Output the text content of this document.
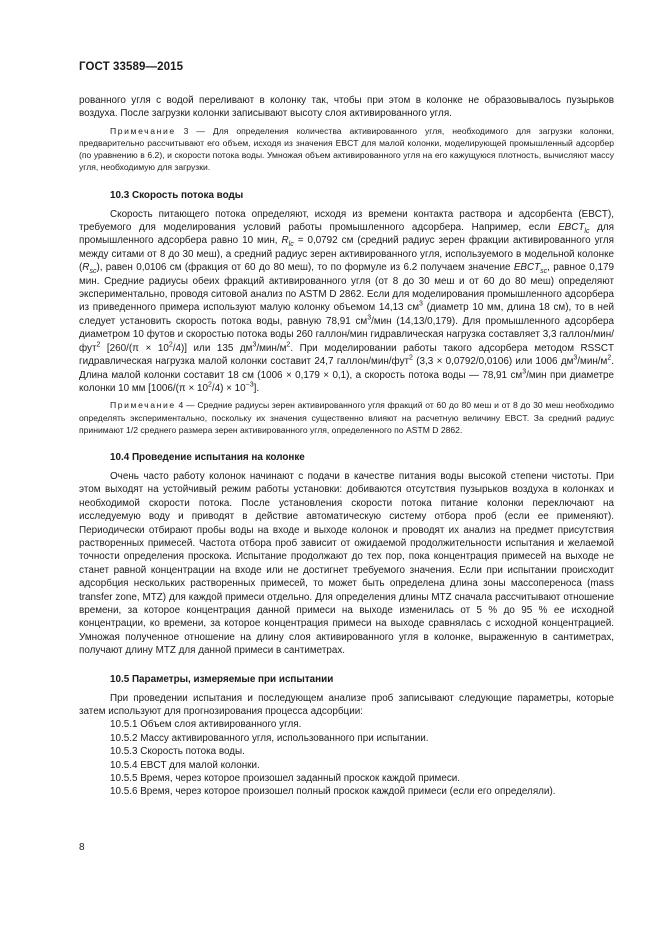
ГОСТ 33589—2015

рованного угля с водой переливают в колонку так, чтобы при этом в колонке не образовывалось пузырьков воздуха. После загрузки колонки записывают высоту слоя активированного угля.

Примечание 3 — Для определения количества активированного угля, необходимого для загрузки колонки, предварительно рассчитывают его объем, исходя из значения EBCT для малой колонки, моделирующей промышленный адсорбер (по уравнению в 6.2), и скорости потока воды. Умножая объем активированного угля на его кажущуюся плотность, вычисляют массу угля, необходимую для загрузки.

10.3 Скорость потока воды

Скорость питающего потока определяют, исходя из времени контакта раствора и адсорбента (EBCT), требуемого для моделирования условий работы промышленного адсорбера. Например, если $EBCT_{lc}$ для промышленного адсорбера равно 10 мин, $R_{lc} = 0,0792$ см (средний радиус зерен фракции активированного угля между ситами от 8 до 30 меш), а средний радиус зерен активированного угля, используемого в модельной колонке $(R_{sc})$, равен 0,0106 см (фракция от 60 до 80 меш), то по формуле из 6.2 получаем значение $EBCT_{sc}$, равное 0,179 мин. Средние радиусы обеих фракций активированного угля (от 8 до 30 меш и от 60 до 80 меш) определяют экспериментально, проводя ситовой анализ по ASTM D 2862. Если для моделирования промышленного адсорбера из приведенного примера используют малую колонку объемом 14,13 $см^3$ (диаметр 10 мм, длина 18 см), то в ней следует установить скорость потока воды, равную 78,91 $см^3$/мин (14,13/0,179). Для промышленного адсорбера диаметром 10 футов и скоростью потока воды 260 галлон/мин гидравлическая нагрузка составляет 3,3 галлон/мин/фут$^2$ $[260/(\pi \times 10^2/4)]$ или 135 $дм^3/мин/м^2$. При моделировании работы такого адсорбера методом RSSCT гидравлическая нагрузка малой колонки составит 24,7 галлон/мин/фут$^2$ (3,3 × 0,0792/0,0106) или 1006 $дм^3/мин/м^2$. Длина малой колонки составит 18 см (1006 × 0,179 × 0,1), а скорость потока воды — 78,91 $см^3$/мин при диаметре колонки 10 мм $[1006/(\pi \times 10^2/4) \times 10^{-3}]$.

Примечание 4 — Средние радиусы зерен активированного угля фракций от 60 до 80 меш и от 8 до 30 меш необходимо определять экспериментально, поскольку их значения существенно влияют на расчетную величину EBCT. За средний радиус принимают 1/2 среднего размера зерен активированного угля, определенного по ASTM D 2862.

10.4 Проведение испытания на колонке

Очень часто работу колонок начинают с подачи в качестве питания воды высокой степени чистоты. При этом выходят на устойчивый режим работы установки: добиваются отсутствия пузырьков воздуха в колонках и необходимой скорости потока. После установления скорости потока питание колонки переключают на исследуемую воду и приводят в действие автоматическую систему отбора проб (если ее применяют). Периодически отбирают пробы воды на входе и выходе колонок и проводят их анализ на предмет присутствия растворенных примесей. Частота отбора проб зависит от ожидаемой продолжительности испытания и желаемой точности определения проскока. Испытание продолжают до тех пор, пока концентрация примесей на выходе не станет равной концентрации на входе или не достигнет требуемого значения. Если при испытании происходит адсорбция нескольких растворенных примесей, то может быть определена длина зоны массопереноса (mass transfer zone, MTZ) для каждой примеси отдельно. Для определения длины MTZ сначала рассчитывают отношение времени, за которое концентрация данной примеси на выходе изменилась от 5 % до 95 % ее исходной концентрации, ко времени, за которое концентрация примеси на выходе сравнялась с исходной концентрацией. Умножая полученное отношение на длину слоя активированного угля в колонке, выраженную в сантиметрах, получают длину MTZ для данной примеси в сантиметрах.

10.5 Параметры, измеряемые при испытании

При проведении испытания и последующем анализе проб записывают следующие параметры, которые затем используют для прогнозирования процесса адсорбции:

10.5.1 Объем слоя активированного угля.

10.5.2 Массу активированного угля, использованного при испытании.

10.5.3 Скорость потока воды.

10.5.4 EBCT для малой колонки.

10.5.5 Время, через которое произошел заданный проскок каждой примеси.

10.5.6 Время, через которое произошел полный проскок каждой примеси (если его определяли).

8
